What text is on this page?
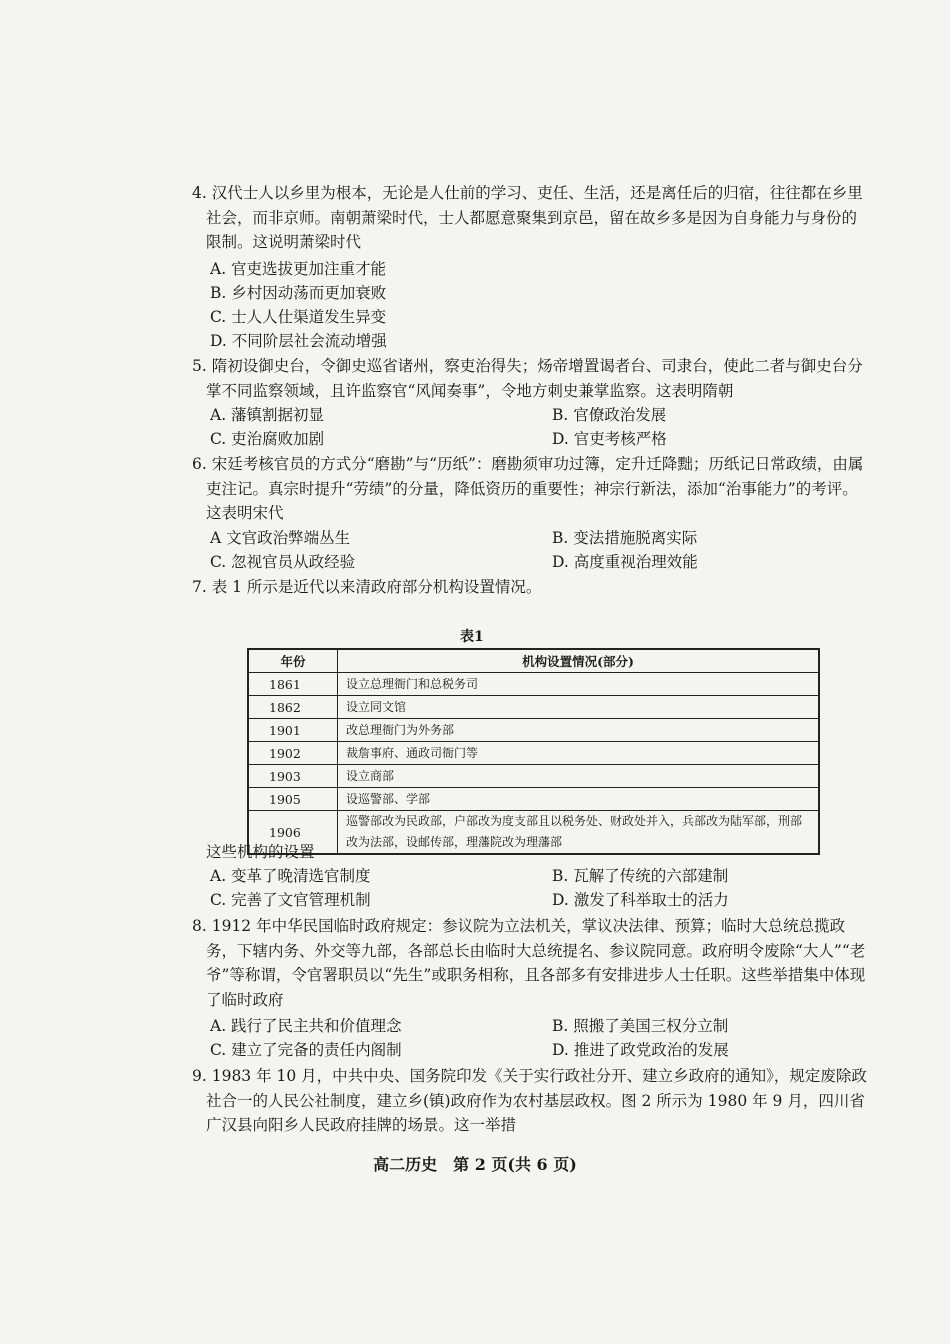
4. 汉代士人以乡里为根本，无论是人仕前的学习、吏任、生活，还是离任后的归宿，往往都在乡里社会，而非京师。南朝萧梁时代，士人都愿意聚集到京邑，留在故乡多是因为自身能力与身份的限制。这说明萧梁时代

A. 官吏选拔更加注重才能
B. 乡村因动荡而更加衰败
C. 士人人仕渠道发生异变
D. 不同阶层社会流动增强

5. 隋初设御史台，令御史巡省诸州，察吏治得失；炀帝增置谒者台、司隶台，使此二者与御史台分掌不同监察领域，且许监察官“风闻奏事”，令地方刺史兼掌监察。这表明隋朝

A. 藩镇割据初显	B. 官僚政治发展
C. 吏治腐败加剧	D. 官吏考核严格

6. 宋廷考核官员的方式分“磨勘”与“历纸”：磨勘须审功过簿，定升迁降黜；历纸记日常政绩，由属吏注记。真宗时提升“劳绩”的分量，降低资历的重要性；神宗行新法，添加“治事能力”的考评。这表明宋代

A 文官政治弊端丛生	B. 变法措施脱离实际
C. 忽视官员从政经验	D. 高度重视治理效能

7. 表 1 所示是近代以来清政府部分机构设置情况。

表1
年份	机构设置情况(部分)
1861	设立总理衙门和总税务司
1862	设立同文馆
1901	改总理衙门为外务部
1902	裁詹事府、通政司衙门等
1903	设立商部
1905	设巡警部、学部
1906	巡警部改为民政部，户部改为度支部且以税务处、财政处并入，兵部改为陆军部，刑部改为法部，设邮传部，理藩院改为理藩部
这些机构的设置
A. 变革了晚清选官制度	B. 瓦解了传统的六部建制
C. 完善了文官管理机制	D. 激发了科举取士的活力

8. 1912 年中华民国临时政府规定：参议院为立法机关，掌议决法律、预算；临时大总统总揽政务，下辖内务、外交等九部，各部总长由临时大总统提名、参议院同意。政府明令废除“大人”“老爷”等称谓，令官署职员以“先生”或职务相称，且各部多有安排进步人士任职。这些举措集中体现了临时政府

A. 践行了民主共和价值理念	B. 照搬了美国三权分立制
C. 建立了完备的责任内阁制	D. 推进了政党政治的发展

9. 1983 年 10 月，中共中央、国务院印发《关于实行政社分开、建立乡政府的通知》，规定废除政社合一的人民公社制度，建立乡(镇)政府作为农村基层政权。图 2 所示为 1980 年 9 月，四川省广汉县向阳乡人民政府挂牌的场景。这一举措

高二历史　第 2 页(共 6 页)
